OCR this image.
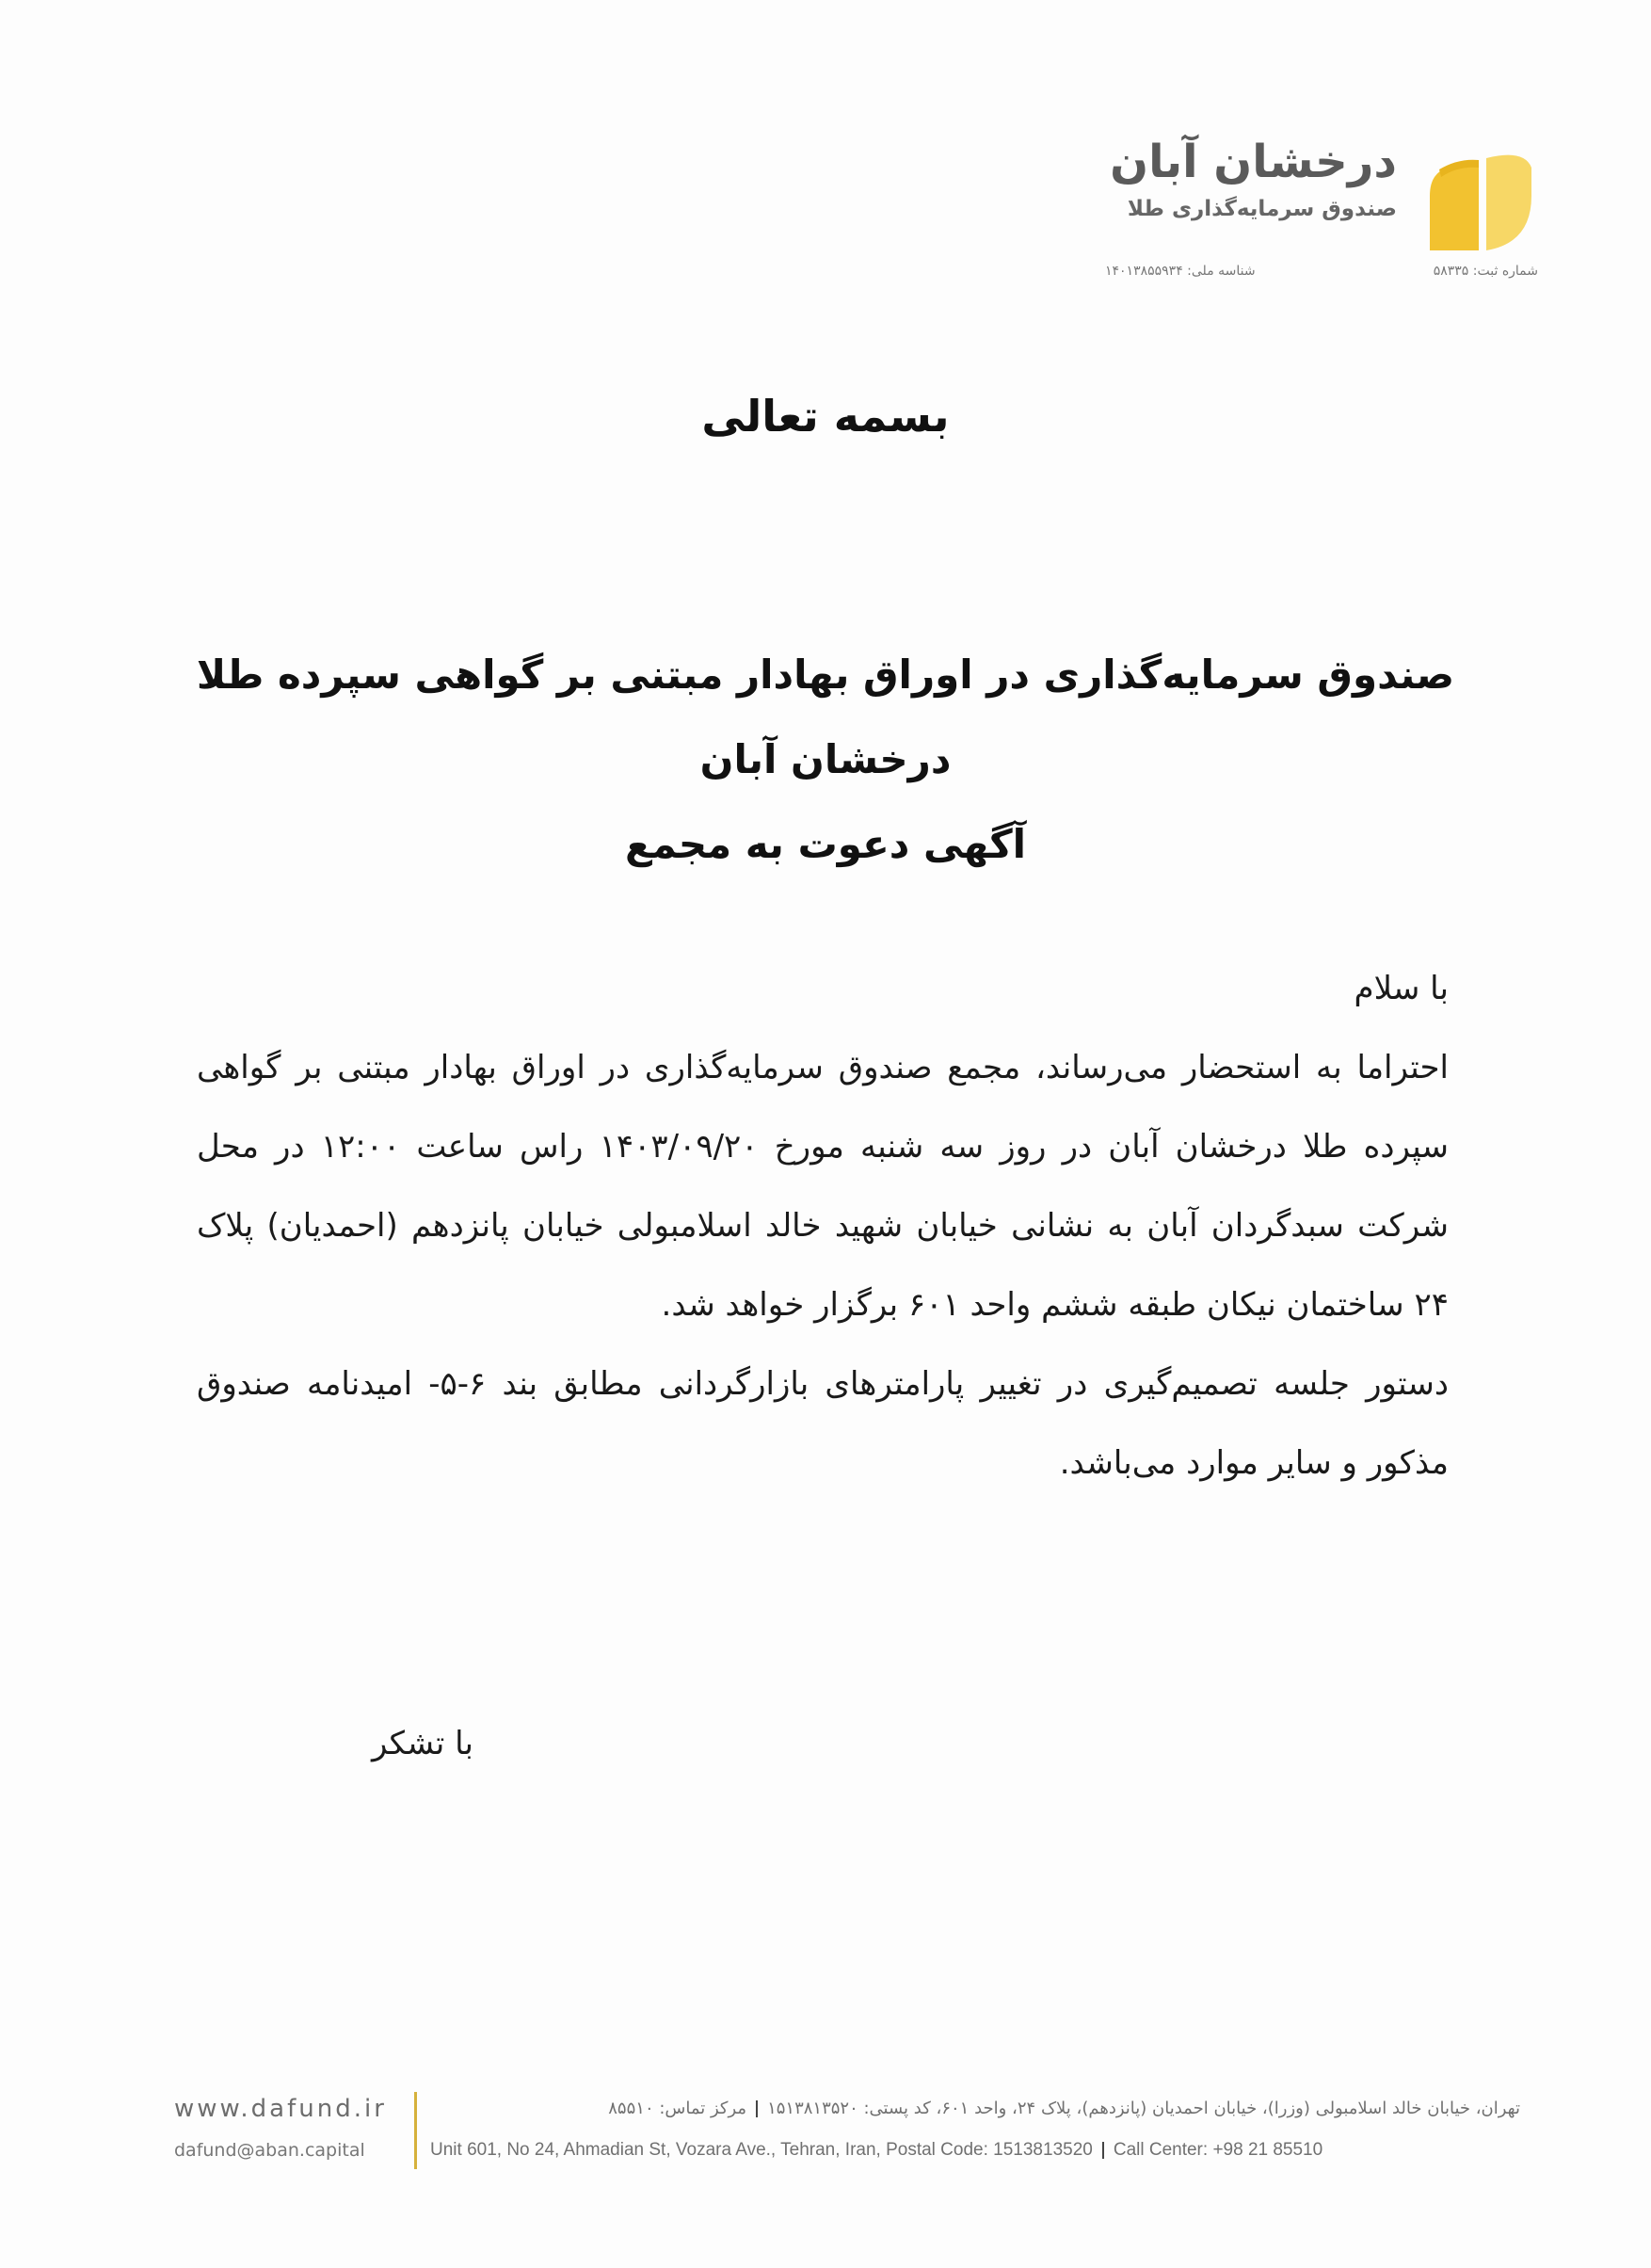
درخشان آبان
صندوق سرمایه‌گذاری طلا
شماره ثبت: ۵۸۳۳۵
شناسه ملی: ۱۴۰۱۳۸۵۵۹۳۴
بسمه تعالی
صندوق سرمایه‌گذاری در اوراق بهادار مبتنی بر گواهی سپرده طلا
درخشان آبان
آگهی دعوت به مجمع

با سلام

احتراما به استحضار می‌رساند، مجمع صندوق سرمایه‌گذاری در اوراق بهادار مبتنی بر گواهی سپرده طلا درخشان آبان در روز سه شنبه مورخ ۱۴۰۳/۰۹/۲۰ راس ساعت ۱۲:۰۰ در محل شرکت سبدگردان آبان به نشانی خیابان شهید خالد اسلامبولی خیابان پانزدهم (احمدیان) پلاک ۲۴ ساختمان نیکان طبقه ششم واحد ۶۰۱ برگزار خواهد شد.

دستور جلسه تصمیم‌گیری در تغییر پارامترهای بازارگردانی مطابق بند ۶-۵- امیدنامه صندوق مذکور و سایر موارد می‌باشد.

با تشکر
www.dafund.ir
dafund@aban.capital
تهران، خیابان خالد اسلامبولی (وزرا)، خیابان احمدیان (پانزدهم)، پلاک ۲۴، واحد ۶۰۱، کد پستی: ۱۵۱۳۸۱۳۵۲۰مرکز تماس: ۸۵۵۱۰
Unit 601, No 24, Ahmadian St, Vozara Ave., Tehran, Iran, Postal Code: 1513813520 Call Center: +98 21 85510
